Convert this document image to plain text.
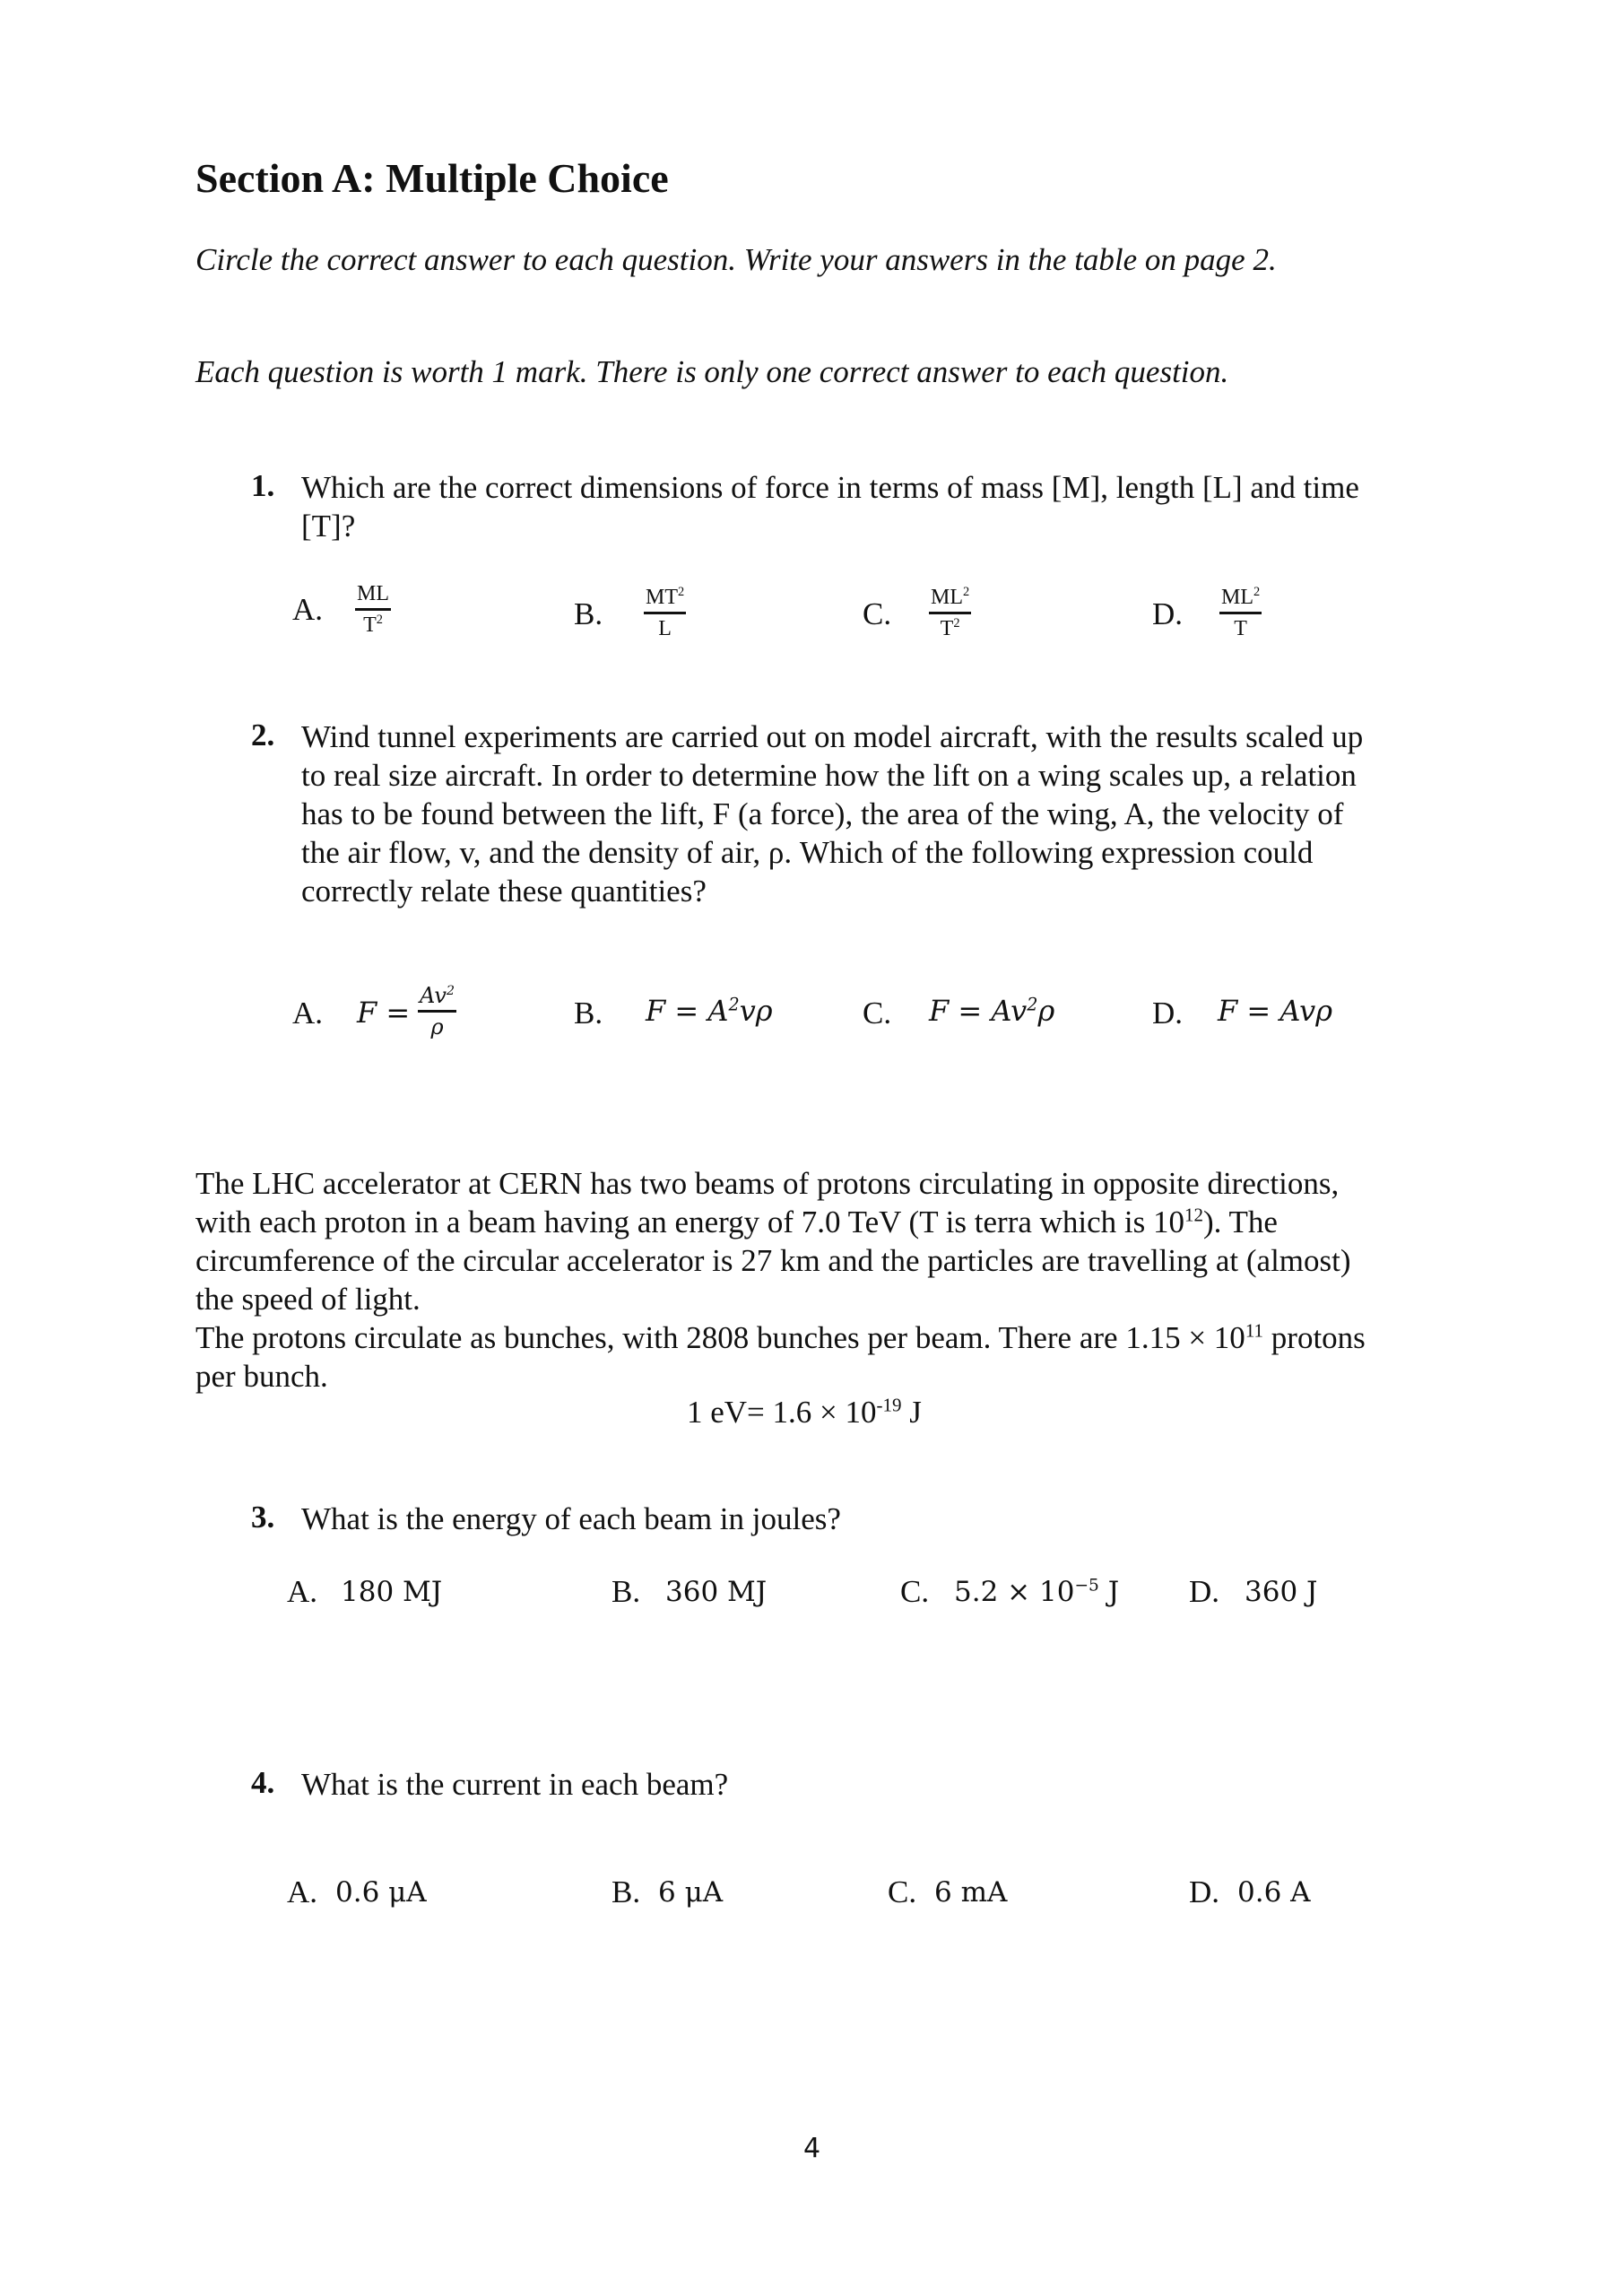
Section A: Multiple Choice
Circle the correct answer to each question. Write your answers in the table on page 2.
Each question is worth 1 mark. There is only one correct answer to each question.
1. Which are the correct dimensions of force in terms of mass [M], length [L] and time
[T]?
A. ML
$T^2$	B. $MT^2$
L	C. $ML^2$
$T^2$	D. $ML^2$
T
2. Wind tunnel experiments are carried out on model aircraft, with the results scaled up
to real size aircraft. In order to determine how the lift on a wing scales up, a relation
has to be found between the lift, F (a force), the area of the wing, A, the velocity of
the air flow, v, and the density of air, ρ. Which of the following expression could
correctly relate these quantities?
A. $F = Av^2$
ρ	B. $F = A^2v\rho$	C. $F = Av^2\rho$	D. F = Avρ
The LHC accelerator at CERN has two beams of protons circulating in opposite directions,
with each proton in a beam having an energy of 7.0 TeV (T is terra which is $10^{12}$). The
circumference of the circular accelerator is 27 km and the particles are travelling at (almost)
the speed of light.
The protons circulate as bunches, with 2808 bunches per beam. There are $1.15 \times 10^{11}$ protons
per bunch.
1 $eV= 1.6 \times 10^{-19}$ J
3. What is the energy of each beam in joules?
A. 180 MJ	B. 360 MJ	C. $5.2 \times 10^{-5}$ J D. 360 J
4. What is the current in each beam?
A. 0.6 μA	B. 6 μA	C. 6 mA	D. 0.6 A
4
